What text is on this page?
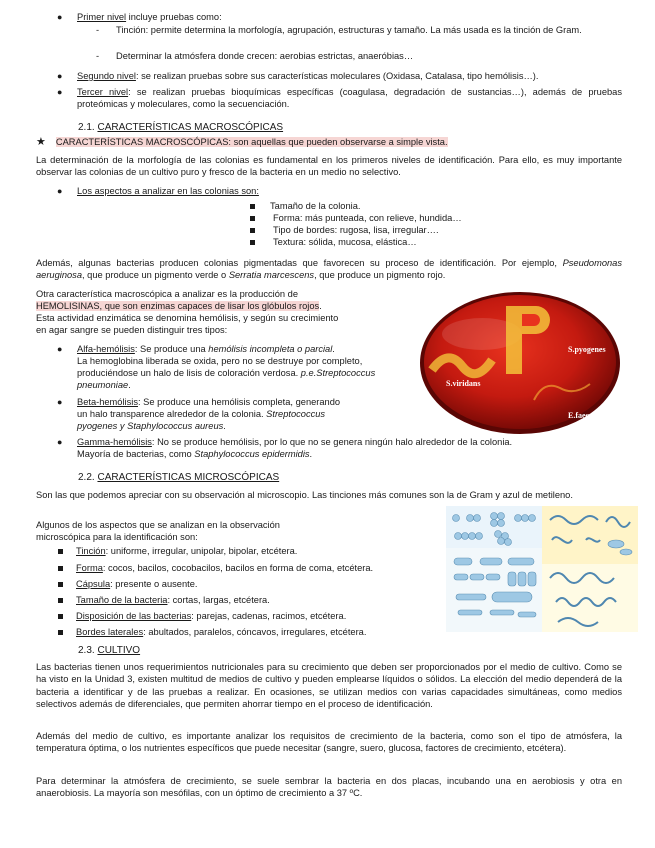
● Primer nivel incluye pruebas como:

- Tinción: permite determina la morfología, agrupación, estructuras y tamaño. La más usada es la tinción de Gram.

- Determinar la atmósfera donde crecen: aerobias estrictas, anaeróbias…

● Segundo nivel: se realizan pruebas sobre sus características moleculares (Oxidasa, Catalasa, tipo hemólisis…).

● Tercer nivel: se realizan pruebas bioquímicas específicas (coagulasa, degradación de sustancias…), además de pruebas proteómicas y moleculares, como la secuenciación.

2.1. CARACTERÍSTICAS MACROSCÓPICAS

★ CARACTERÍSTICAS MACROSCÓPICAS: son aquellas que pueden observarse a simple vista.

La determinación de la morfología de las colonias es fundamental en los primeros niveles de identificación. Para ello, es muy importante observar las colonias de un cultivo puro y fresco de la bacteria en un medio no selectivo.

● Los aspectos a analizar en las colonias son:

Tamaño de la colonia.

Forma: más punteada, con relieve, hundida…

Tipo de bordes: rugosa, lisa, irregular….

Textura: sólida, mucosa, elástica…

Además, algunas bacterias producen colonias pigmentadas que favorecen su proceso de identificación. Por ejemplo, Pseudomonas aeruginosa, que produce un pigmento verde o Serratia marcescens, que produce un pigmento rojo.

Otra característica macroscópica a analizar es la producción de

HEMOLISINAS, que son enzimas capaces de lisar los glóbulos rojos.

Esta actividad enzimática se denomina hemólisis, y según su crecimiento

en agar sangre se pueden distinguir tres tipos:

● Alfa-hemólisis: Se produce una hemólisis incompleta o parcial.

La hemoglobina liberada se oxida, pero no se destruye por completo,

produciéndose un halo de lisis de coloración verdosa. p.e.Streptococcus

pneumoniae.

● Beta-hemólisis: Se produce una hemólisis completa, generando

un halo transparence alrededor de la colonia. Streptococcus

pyogenes y Staphylococcus aureus.

● Gamma-hemólisis: No se produce hemólisis, por lo que no se genera ningún halo alrededor de la colonia.

Mayoría de bacterias, como Staphylococcus epidermidis.

S.pyogenes
S.viridans
E.faecalis

2.2. CARACTERÍSTICAS MICROSCÓPICAS

Son las que podemos apreciar con su observación al microscopio. Las tinciones más comunes son la de Gram y azul de metileno.

Algunos de los aspectos que se analizan en la observación

microscópica para la identificación son:

Tinción: uniforme, irregular, unipolar, bipolar, etcétera.

Forma: cocos, bacilos, cocobacilos, bacilos en forma de coma, etcétera.

Cápsula: presente o ausente.

Tamaño de la bacteria: cortas, largas, etcétera.

Disposición de las bacterias: parejas, cadenas, racimos, etcétera.

Bordes laterales: abultados, paralelos, cóncavos, irregulares, etcétera.

2.3. CULTIVO

Las bacterias tienen unos requerimientos nutricionales para su crecimiento que deben ser proporcionados por el medio de cultivo. Como se ha visto en la Unidad 3, existen multitud de medios de cultivo y pueden emplearse líquidos o sólidos. La elección del medio dependerá de la bacteria a identificar y de las pruebas a realizar. En ocasiones, se utilizan medios con varias capacidades simultáneas, como medios selectivos además de diferenciales, que permiten ahorrar tiempo en el proceso de identificación.

Además del medio de cultivo, es importante analizar los requisitos de crecimiento de la bacteria, como son el tipo de atmósfera, la temperatura óptima, o los nutrientes específicos que puede necesitar (sangre, suero, glucosa, factores de crecimiento, etcétera).

Para determinar la atmósfera de crecimiento, se suele sembrar la bacteria en dos placas, incubando una en aerobiosis y otra en anaerobiosis. La mayoría son mesófilas, con un óptimo de crecimiento a 37 ºC.
